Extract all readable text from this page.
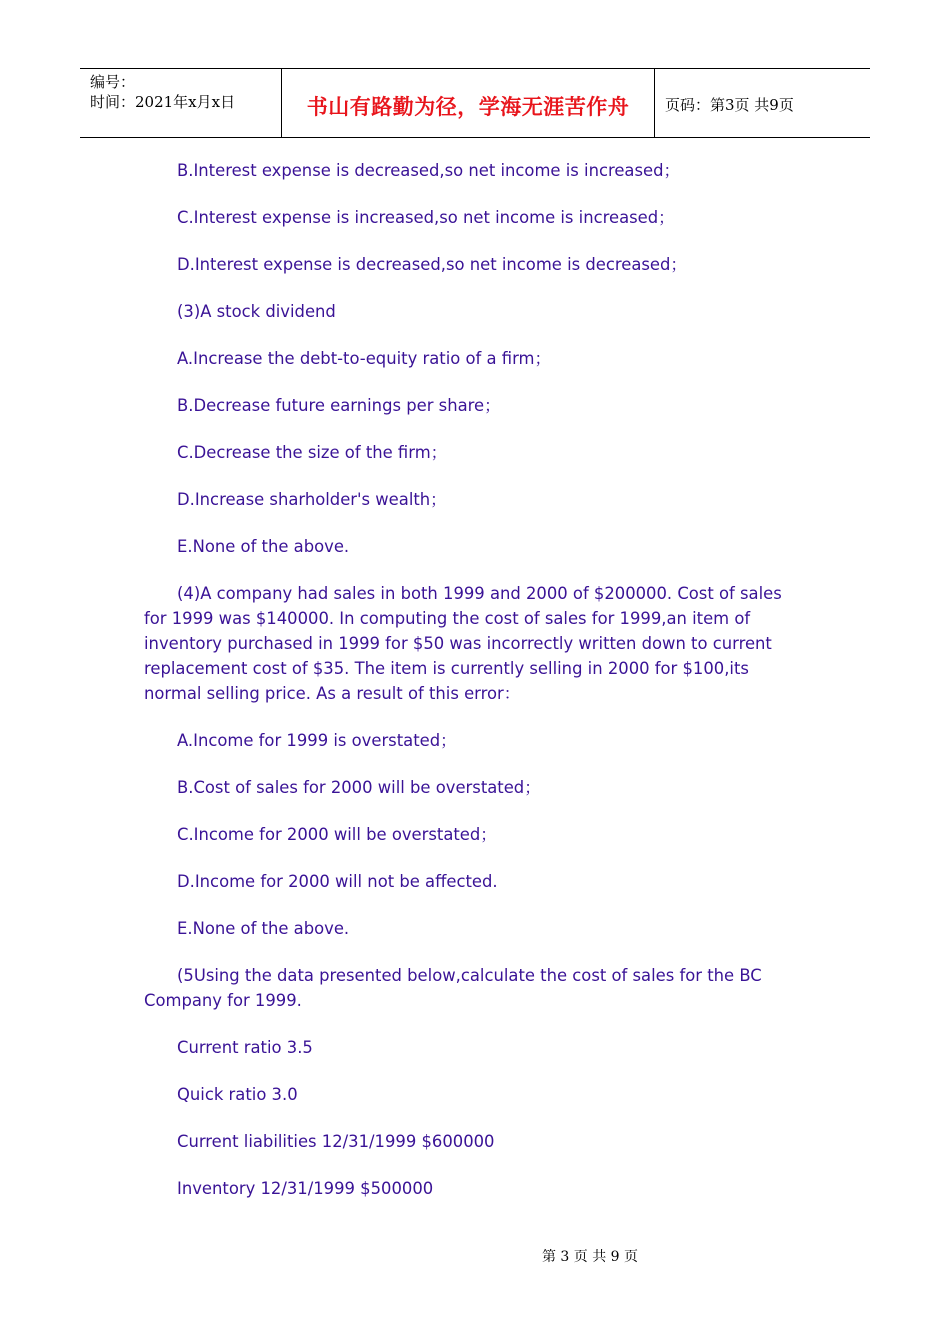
编号：
时间：2021年x月x日	书山有路勤为径，学海无涯苦作舟	页码：第3页 共9页

B.Interest expense is decreased,so net income is increased；

C.Interest expense is increased,so net income is increased；

D.Interest expense is decreased,so net income is decreased；

(3)A stock dividend

A.Increase the debt-to-equity ratio of a firm；

B.Decrease future earnings per share；

C.Decrease the size of the firm；

D.Increase sharholder's wealth；

E.None of the above.

(4)A company had sales in both 1999 and 2000 of $200000. Cost of sales for 1999 was $140000. In computing the cost of sales for 1999,an item of inventory purchased in 1999 for $50 was incorrectly written down to current replacement cost of $35. The item is currently selling in 2000 for $100,its normal selling price. As a result of this error：

A.Income for 1999 is overstated；

B.Cost of sales for 2000 will be overstated；

C.Income for 2000 will be overstated；

D.Income for 2000 will not be affected.

E.None of the above.

(5Using the data presented below,calculate the cost of sales for the BC Company for 1999.

Current ratio 3.5

Quick ratio 3.0

Current liabilities 12/31/1999 $600000

Inventory 12/31/1999 $500000

第 3 页 共 9 页
